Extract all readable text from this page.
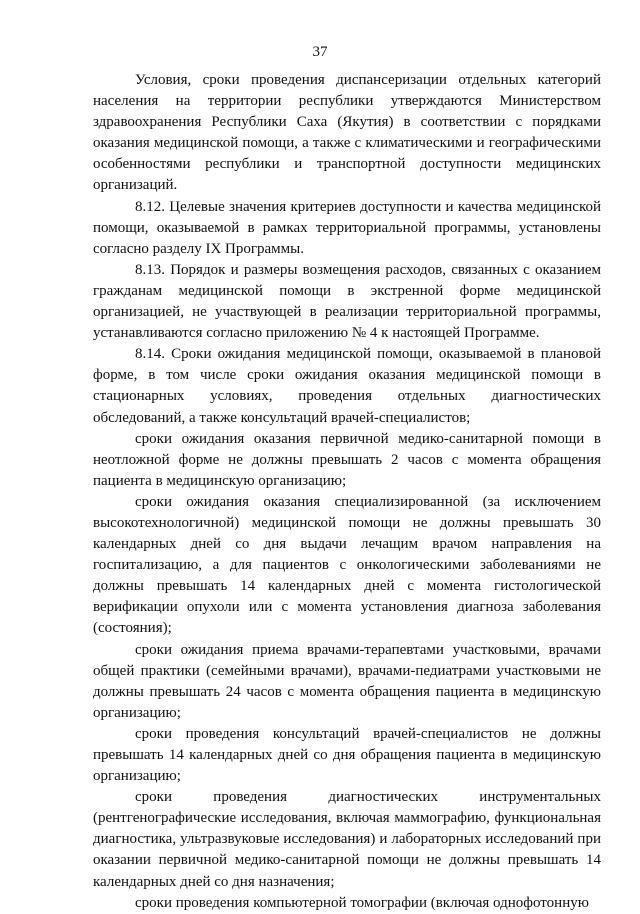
37

Условия, сроки проведения диспансеризации отдельных категорий населения на территории республики утверждаются Министерством здравоохранения Республики Саха (Якутия) в соответствии с порядками оказания медицинской помощи, а также с климатическими и географическими особенностями республики и транспортной доступности медицинских организаций.

8.12. Целевые значения критериев доступности и качества медицинской помощи, оказываемой в рамках территориальной программы, установлены согласно разделу IX Программы.

8.13. Порядок и размеры возмещения расходов, связанных с оказанием гражданам медицинской помощи в экстренной форме медицинской организацией, не участвующей в реализации территориальной программы, устанавливаются согласно приложению № 4 к настоящей Программе.

8.14. Сроки ожидания медицинской помощи, оказываемой в плановой форме, в том числе сроки ожидания оказания медицинской помощи в стационарных условиях, проведения отдельных диагностических обследований, а также консультаций врачей-специалистов;

сроки ожидания оказания первичной медико-санитарной помощи в неотложной форме не должны превышать 2 часов с момента обращения пациента в медицинскую организацию;

сроки ожидания оказания специализированной (за исключением высокотехнологичной) медицинской помощи не должны превышать 30 календарных дней со дня выдачи лечащим врачом направления на госпитализацию, а для пациентов с онкологическими заболеваниями не должны превышать 14 календарных дней с момента гистологической верификации опухоли или с момента установления диагноза заболевания (состояния);

сроки ожидания приема врачами-терапевтами участковыми, врачами общей практики (семейными врачами), врачами-педиатрами участковыми не должны превышать 24 часов с момента обращения пациента в медицинскую организацию;

сроки проведения консультаций врачей-специалистов не должны превышать 14 календарных дней со дня обращения пациента в медицинскую организацию;

сроки проведения диагностических инструментальных (рентгенографические исследования, включая маммографию, функциональная диагностика, ультразвуковые исследования) и лабораторных исследований при оказании первичной медико-санитарной помощи не должны превышать 14 календарных дней со дня назначения;

сроки проведения компьютерной томографии (включая однофотонную
